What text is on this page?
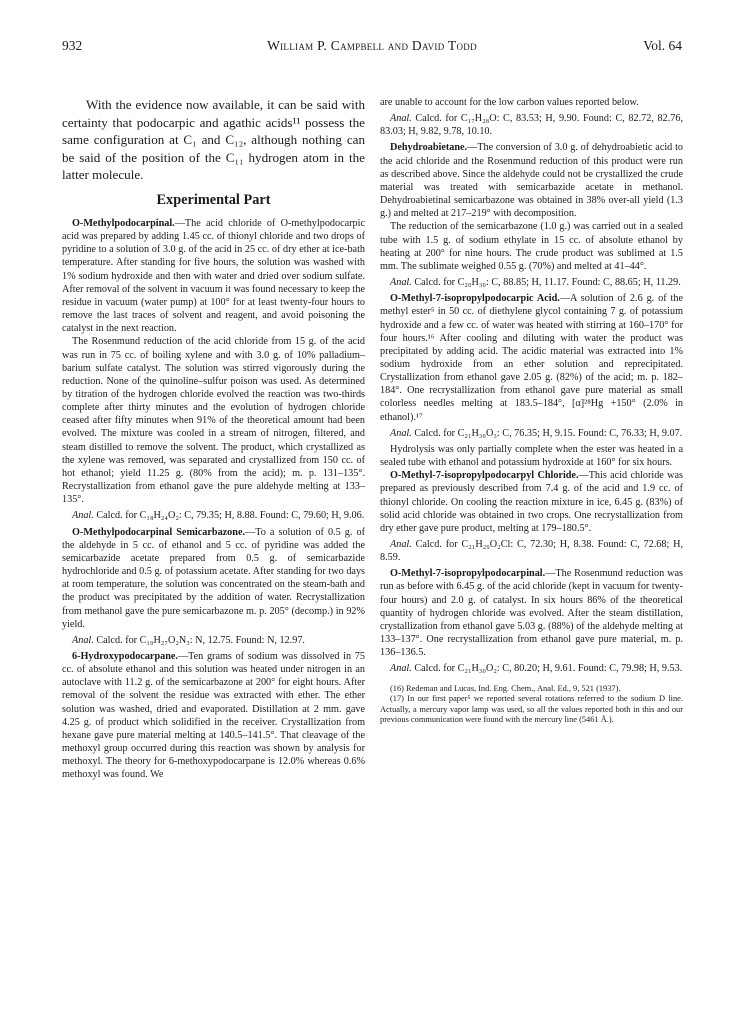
932	William P. Campbell and David Todd	Vol. 64

With the evidence now available, it can be said with certainty that podocarpic and agathic acids¹¹ possess the same configuration at C₁ and C₁₂, although nothing can be said of the position of the C₁₁ hydrogen atom in the latter molecule.

Experimental Part

O-Methylpodocarpinal.—The acid chloride of O-methylpodocarpic acid was prepared by adding 1.45 cc. of thionyl chloride and two drops of pyridine to a solution of 3.0 g. of the acid in 25 cc. of dry ether at ice-bath temperature. After standing for five hours, the solution was washed with 1% sodium hydroxide and then with water and dried over sodium sulfate. After removal of the solvent in vacuum it was found necessary to keep the residue in vacuum (water pump) at 100° for at least twenty-four hours to remove the last traces of solvent and reagent, and avoid poisoning the catalyst in the next reaction.

The Rosenmund reduction of the acid chloride from 15 g. of the acid was run in 75 cc. of boiling xylene and with 3.0 g. of 10% palladium–barium sulfate catalyst. The solution was stirred vigorously during the reduction. None of the quinoline–sulfur poison was used. As determined by titration of the hydrogen chloride evolved the reaction was two-thirds complete after thirty minutes and the evolution of hydrogen chloride ceased after fifty minutes when 91% of the theoretical amount had been evolved. The mixture was cooled in a stream of nitrogen, filtered, and steam distilled to remove the solvent. The product, which crystallized as the xylene was removed, was separated and crystallized from 150 cc. of hot ethanol; yield 11.25 g. (80% from the acid); m. p. 131–135°. Recrystallization from ethanol gave the pure aldehyde melting at 133–135°.

Anal. Calcd. for C₁₈H₂₄O₂: C, 79.35; H, 8.88. Found: C, 79.60; H, 9.06.

O-Methylpodocarpinal Semicarbazone.—To a solution of 0.5 g. of the aldehyde in 5 cc. of ethanol and 5 cc. of pyridine was added the semicarbazide acetate prepared from 0.5 g. of semicarbazide hydrochloride and 0.5 g. of potassium acetate. After standing for two days at room temperature, the solution was concentrated on the steam-bath and the product was precipitated by the addition of water. Recrystallization from methanol gave the pure semicarbazone m. p. 205° (decomp.) in 92% yield.

Anal. Calcd. for C₁₉H₂₇O₂N₃: N, 12.75. Found: N, 12.97.

6-Hydroxypodocarpane.—Ten grams of sodium was dissolved in 75 cc. of absolute ethanol and this solution was heated under nitrogen in an autoclave with 11.2 g. of the semicarbazone at 200° for eight hours. After removal of the solvent the residue was extracted with ether. The ether solution was washed, dried and evaporated. Distillation at 2 mm. gave 4.25 g. of product which solidified in the receiver. Crystallization from hexane gave pure material melting at 140.5–141.5°. That cleavage of the methoxyl group occurred during this reaction was shown by analysis for methoxyl. The theory for 6-methoxypodocarpane is 12.0% whereas 0.6% methoxyl was found. We

are unable to account for the low carbon values reported below.

Anal. Calcd. for C₁₇H₂₈O: C, 83.53; H, 9.90. Found: C, 82.72, 82.76, 83.03; H, 9.82, 9.78, 10.10.

Dehydroabietane.—The conversion of 3.0 g. of dehydroabietic acid to the acid chloride and the Rosenmund reduction of this product were run as described above. Since the aldehyde could not be crystallized the crude material was treated with semicarbazide acetate in methanol. Dehydroabietinal semicarbazone was obtained in 38% over-all yield (1.3 g.) and melted at 217–219° with decomposition.

The reduction of the semicarbazone (1.0 g.) was carried out in a sealed tube with 1.5 g. of sodium ethylate in 15 cc. of absolute ethanol by heating at 200° for nine hours. The crude product was sublimed at 1.5 mm. The sublimate weighed 0.55 g. (70%) and melted at 41–44°.

Anal. Calcd. for C₂₀H₃₀: C, 88.85; H, 11.17. Found: C, 88.65; H, 11.29.

O-Methyl-7-isopropylpodocarpic Acid.—A solution of 2.6 g. of the methyl ester⁵ in 50 cc. of diethylene glycol containing 7 g. of potassium hydroxide and a few cc. of water was heated with stirring at 160–170° for four hours.¹⁶ After cooling and diluting with water the product was precipitated by adding acid. The acidic material was extracted into 1% sodium hydroxide from an ether solution and reprecipitated. Crystallization from ethanol gave 2.05 g. (82%) of the acid; m. p. 182–184°. One recrystallization from ethanol gave pure material as small colorless needles melting at 183.5–184°, [α]²⁸Hg +150° (2.0% in ethanol).¹⁷

Anal. Calcd. for C₂₁H₃₀O₃: C, 76.35; H, 9.15. Found: C, 76.33; H, 9.07.

Hydrolysis was only partially complete when the ester was heated in a sealed tube with ethanol and potassium hydroxide at 160° for six hours.

O-Methyl-7-isopropylpodocarpyl Chloride.—This acid chloride was prepared as previously described from 7.4 g. of the acid and 1.9 cc. of thionyl chloride. On cooling the reaction mixture in ice, 6.45 g. (83%) of solid acid chloride was obtained in two crops. One recrystallization from dry ether gave pure product, melting at 179–180.5°.

Anal. Calcd. for C₂₁H₂₉O₂Cl: C, 72.30; H, 8.38. Found: C, 72.68; H, 8.59.

O-Methyl-7-isopropylpodocarpinal.—The Rosenmund reduction was run as before with 6.45 g. of the acid chloride (kept in vacuum for twenty-four hours) and 2.0 g. of catalyst. In six hours 86% of the theoretical quantity of hydrogen chloride was evolved. After the steam distillation, crystallization from ethanol gave 5.03 g. (88%) of the aldehyde melting at 133–137°. One recrystallization from ethanol gave pure material, m. p. 136–136.5.

Anal. Calcd. for C₂₁H₃₀O₂: C, 80.20; H, 9.61. Found: C, 79.98; H, 9.53.

(16) Redeman and Lucas, Ind. Eng. Chem., Anal. Ed., 9, 521 (1937).

(17) In our first paper⁵ we reported several rotations referred to the sodium D line. Actually, a mercury vapor lamp was used, so all the values reported both in this and our previous communication were found with the mercury line (5461 Å.).
